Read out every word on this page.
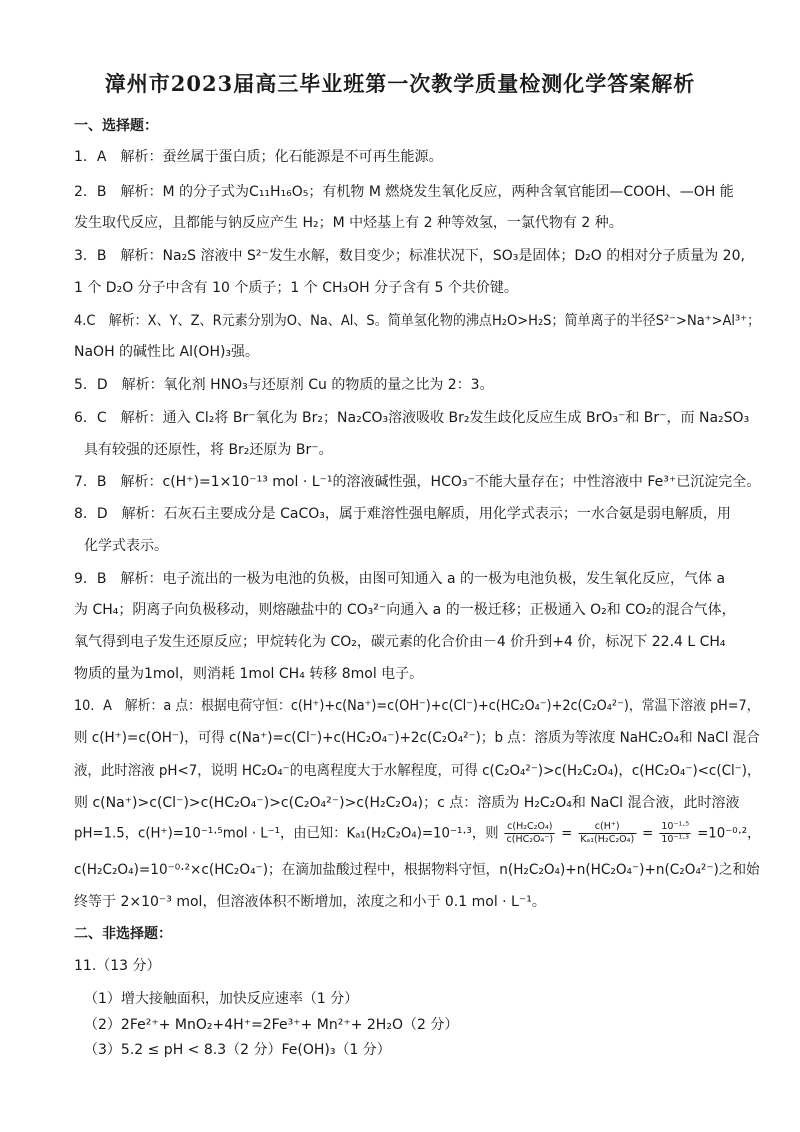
漳州市2023届高三毕业班第一次教学质量检测化学答案解析
一、选择题：
1．A　解析：蚕丝属于蛋白质；化石能源是不可再生能源。
2．B　解析：M 的分子式为C₁₁H₁₆O₅；有机物 M 燃烧发生氧化反应，两种含氧官能团—COOH、—OH 能
发生取代反应，且都能与钠反应产生 H₂；M 中烃基上有 2 种等效氢，一氯代物有 2 种。
3．B　解析：Na₂S 溶液中 S²⁻发生水解，数目变少；标准状况下，SO₃是固体；D₂O 的相对分子质量为 20,
1 个 D₂O 分子中含有 10 个质子；1 个 CH₃OH 分子含有 5 个共价键。
4.C　解析：X、Y、Z、R元素分别为O、Na、Al、S。简单氢化物的沸点H₂O>H₂S；简单离子的半径S²⁻>Na⁺>Al³⁺；
NaOH 的碱性比 Al(OH)₃强。
5．D　解析：氧化剂 HNO₃与还原剂 Cu 的物质的量之比为 2：3。
6．C　解析：通入 Cl₂将 Br⁻氧化为 Br₂；Na₂CO₃溶液吸收 Br₂发生歧化反应生成 BrO₃⁻和 Br⁻，而 Na₂SO₃
具有较强的还原性，将 Br₂还原为 Br⁻。
7．B　解析：c(H⁺)=1×10⁻¹³ mol · L⁻¹的溶液碱性强，HCO₃⁻不能大量存在；中性溶液中 Fe³⁺已沉淀完全。
8．D　解析：石灰石主要成分是 CaCO₃，属于难溶性强电解质，用化学式表示；一水合氨是弱电解质，用
化学式表示。
9．B　解析：电子流出的一极为电池的负极，由图可知通入 a 的一极为电池负极，发生氧化反应，气体 a
为 CH₄；阴离子向负极移动，则熔融盐中的 CO₃²⁻向通入 a 的一极迁移；正极通入 O₂和 CO₂的混合气体，
氧气得到电子发生还原反应；甲烷转化为 CO₂，碳元素的化合价由－4 价升到+4 价，标况下 22.4 L CH₄
物质的量为1mol，则消耗 1mol CH₄ 转移 8mol 电子。
10．A　解析：a 点：根据电荷守恒：c(H⁺)+c(Na⁺)=c(OH⁻)+c(Cl⁻)+c(HC₂O₄⁻)+2c(C₂O₄²⁻)，常温下溶液 pH=7，
则 c(H⁺)=c(OH⁻)，可得 c(Na⁺)=c(Cl⁻)+c(HC₂O₄⁻)+2c(C₂O₄²⁻)；b 点：溶质为等浓度 NaHC₂O₄和 NaCl 混合
液，此时溶液 pH<7，说明 HC₂O₄⁻的电离程度大于水解程度，可得 c(C₂O₄²⁻)>c(H₂C₂O₄)，c(HC₂O₄⁻)<c(Cl⁻)，
则 c(Na⁺)>c(Cl⁻)>c(HC₂O₄⁻)>c(C₂O₄²⁻)>c(H₂C₂O₄)；c 点：溶质为 H₂C₂O₄和 NaCl 混合液，此时溶液
c(H₂C₂O₄)=10⁻⁰·²×c(HC₂O₄⁻)；在滴加盐酸过程中，根据物料守恒，n(H₂C₂O₄)+n(HC₂O₄⁻)+n(C₂O₄²⁻)之和始
终等于 2×10⁻³ mol，但溶液体积不断增加，浓度之和小于 0.1 mol · L⁻¹。
二、非选择题：
11.（13 分）
（1）增大接触面积，加快反应速率（1 分）
（2）2Fe²⁺+ MnO₂+4H⁺=2Fe³⁺+ Mn²⁺+ 2H₂O（2 分）
（3）5.2 ≤ pH < 8.3（2 分）Fe(OH)₃（1 分）
pH=1.5，c(H⁺)=10⁻¹·⁵mol · L⁻¹，由已知：Kₐ₁(H₂C₂O₄)=10⁻¹·³，则 $\frac{\text{c(H₂C₂O₄)}}{\text{c(HC₂O₄⁻)}} = \frac{c(H^+)}{\text{Kₐ₁(H₂C₂O₄)}} = \frac{\text{10⁻¹·⁵}}{\text{10⁻¹·³}} =10^{-0}\cdot^2$，
